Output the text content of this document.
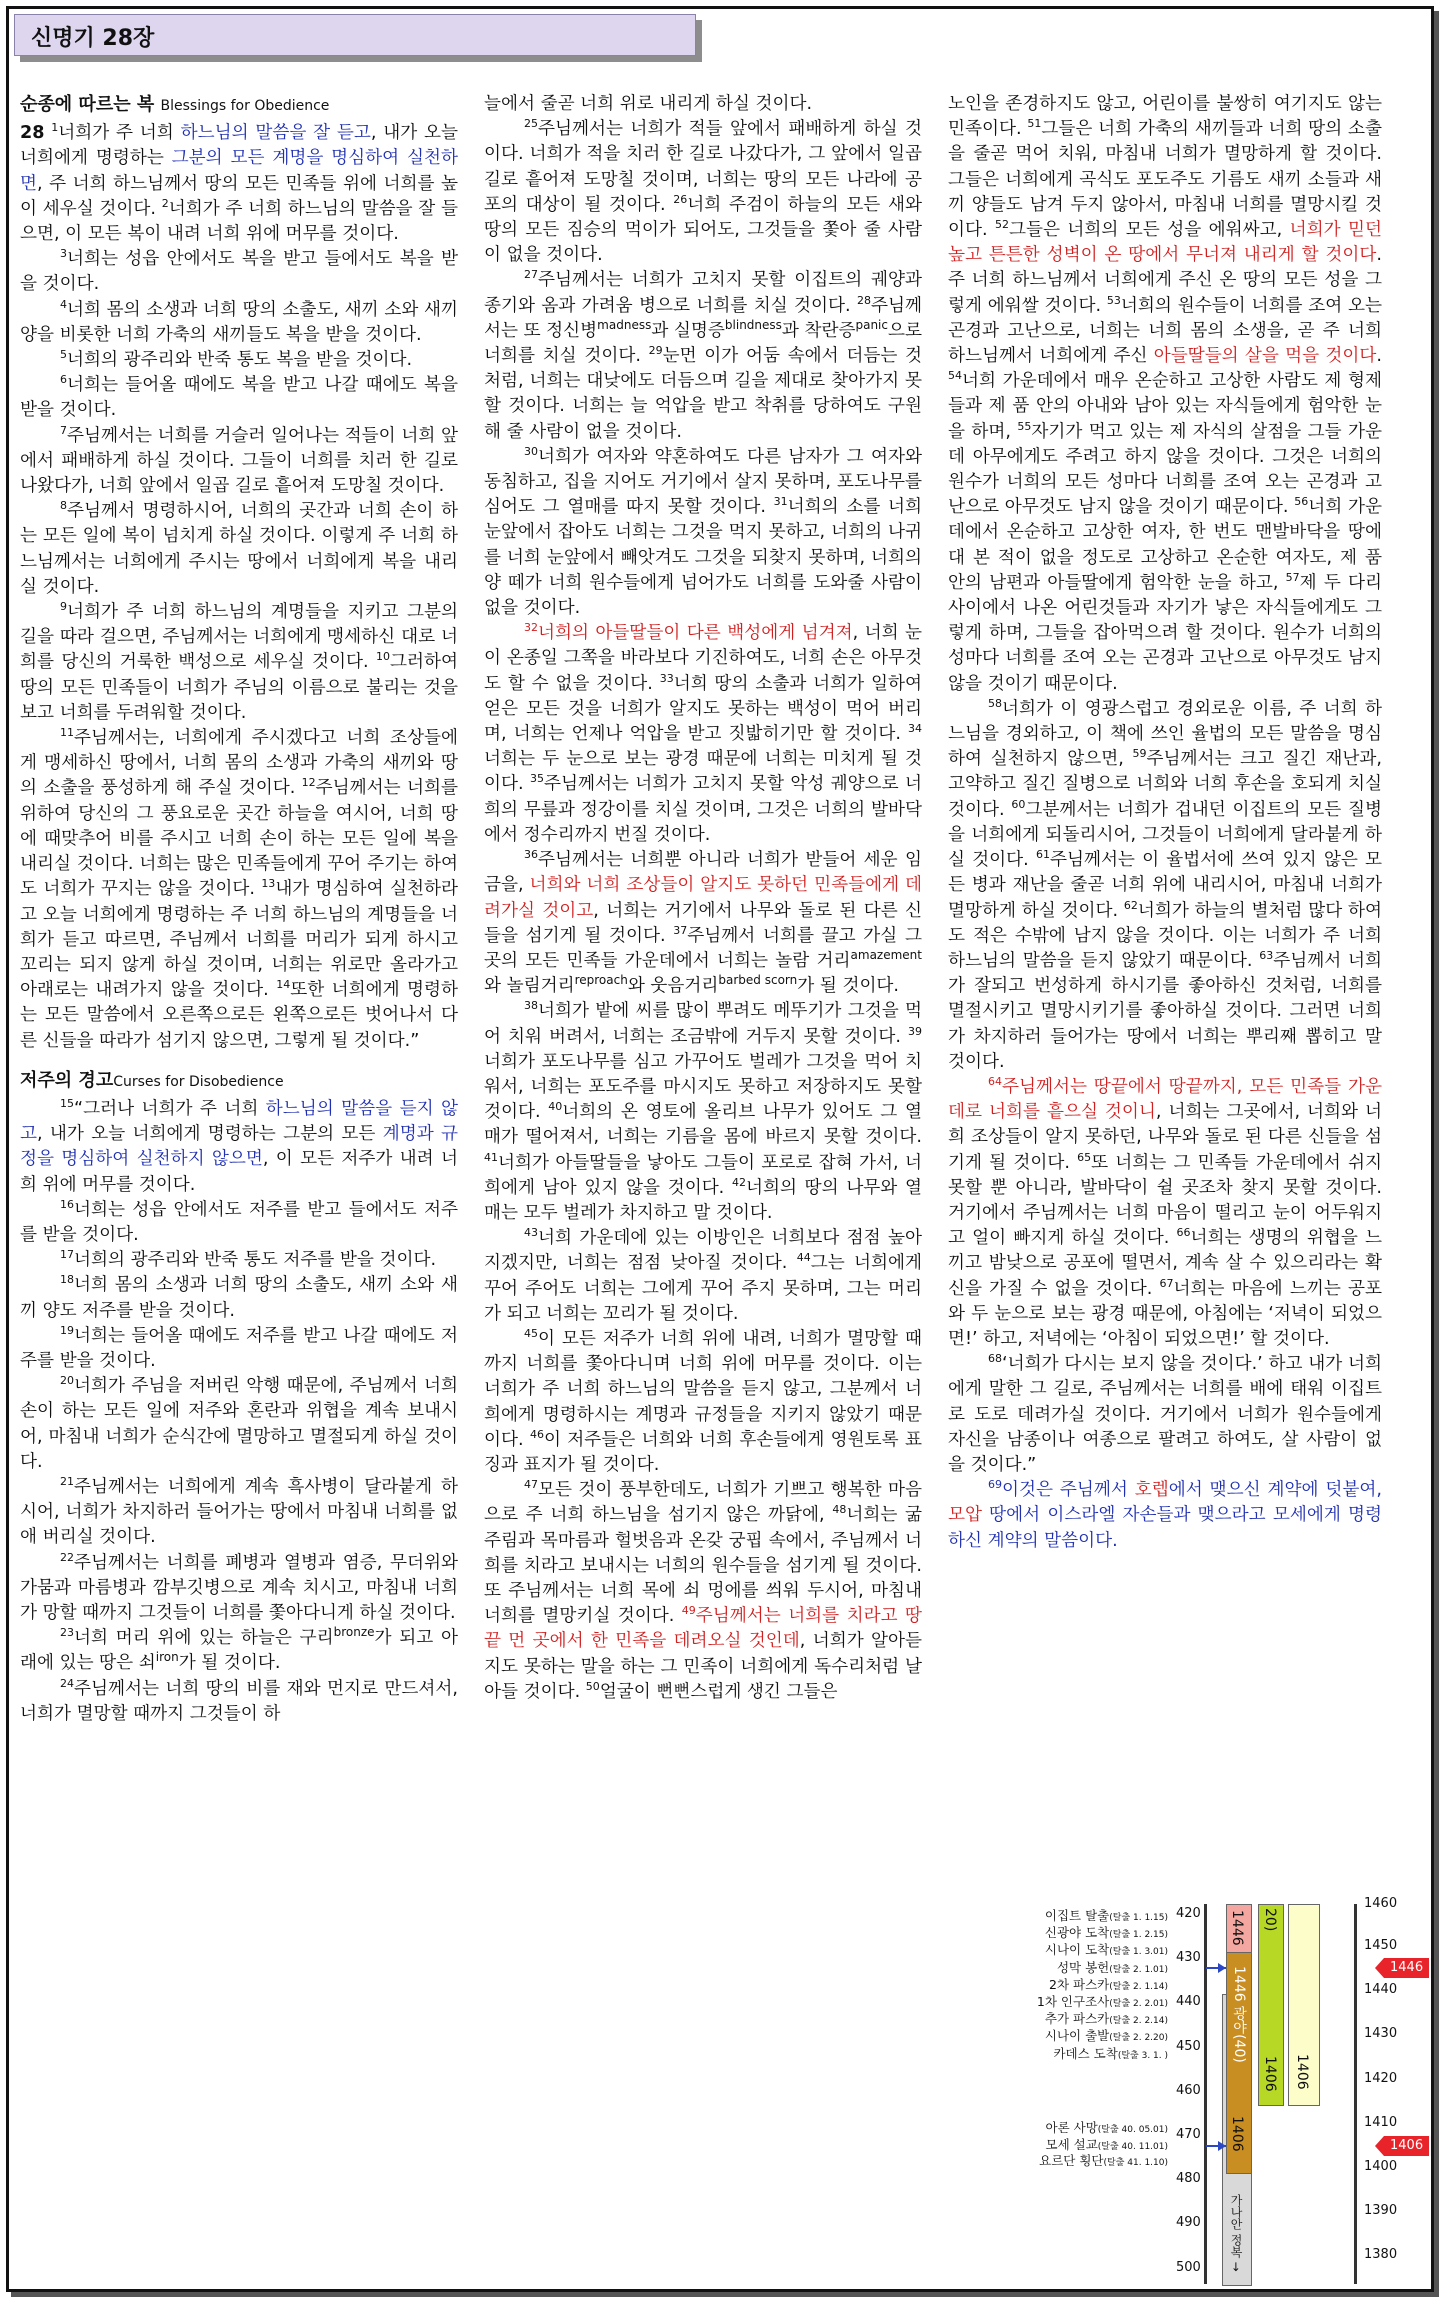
신명기 28장
순종에 따르는 복 Blessings for Obedience

28 $^1$너희가 주 너희 하느님의 말씀을 잘 듣고, 내가 오늘 너희에게 명령하는 그분의 모든 계명을 명심하여 실천하면, 주 너희 하느님께서 땅의 모든 민족들 위에 너희를 높이 세우실 것이다. $^2$너희가 주 너희 하느님의 말씀을 잘 들으면, 이 모든 복이 내려 너희 위에 머무를 것이다.

$^3$너희는 성읍 안에서도 복을 받고 들에서도 복을 받을 것이다.

$^4$너희 몸의 소생과 너희 땅의 소출도, 새끼 소와 새끼 양을 비롯한 너희 가축의 새끼들도 복을 받을 것이다.

$^5$너희의 광주리와 반죽 통도 복을 받을 것이다.

$^6$너희는 들어올 때에도 복을 받고 나갈 때에도 복을 받을 것이다.

$^7$주님께서는 너희를 거슬러 일어나는 적들이 너희 앞에서 패배하게 하실 것이다. 그들이 너희를 치러 한 길로 나왔다가, 너희 앞에서 일곱 길로 흩어져 도망칠 것이다.

$^8$주님께서 명령하시어, 너희의 곳간과 너희 손이 하는 모든 일에 복이 넘치게 하실 것이다. 이렇게 주 너희 하느님께서는 너희에게 주시는 땅에서 너희에게 복을 내리실 것이다.

$^9$너희가 주 너희 하느님의 계명들을 지키고 그분의 길을 따라 걸으면, 주님께서는 너희에게 맹세하신 대로 너희를 당신의 거룩한 백성으로 세우실 것이다. $^{10}$그러하여 땅의 모든 민족들이 너희가 주님의 이름으로 불리는 것을 보고 너희를 두려워할 것이다.

$^{11}$주님께서는, 너희에게 주시겠다고 너희 조상들에게 맹세하신 땅에서, 너희 몸의 소생과 가축의 새끼와 땅의 소출을 풍성하게 해 주실 것이다. $^{12}$주님께서는 너희를 위하여 당신의 그 풍요로운 곳간 하늘을 여시어, 너희 땅에 때맞추어 비를 주시고 너희 손이 하는 모든 일에 복을 내리실 것이다. 너희는 많은 민족들에게 꾸어 주기는 하여도 너희가 꾸지는 않을 것이다. $^{13}$내가 명심하여 실천하라고 오늘 너희에게 명령하는 주 너희 하느님의 계명들을 너희가 듣고 따르면, 주님께서 너희를 머리가 되게 하시고 꼬리는 되지 않게 하실 것이며, 너희는 위로만 올라가고 아래로는 내려가지 않을 것이다. $^{14}$또한 너희에게 명령하는 모든 말씀에서 오른쪽으로든 왼쪽으로든 벗어나서 다른 신들을 따라가 섬기지 않으면, 그렇게 될 것이다.”

저주의 경고Curses for Disobedience

$^{15}$“그러나 너희가 주 너희 하느님의 말씀을 듣지 않고, 내가 오늘 너희에게 명령하는 그분의 모든 계명과 규정을 명심하여 실천하지 않으면, 이 모든 저주가 내려 너희 위에 머무를 것이다.

$^{16}$너희는 성읍 안에서도 저주를 받고 들에서도 저주를 받을 것이다.

$^{17}$너희의 광주리와 반죽 통도 저주를 받을 것이다.

$^{18}$너희 몸의 소생과 너희 땅의 소출도, 새끼 소와 새끼 양도 저주를 받을 것이다.

$^{19}$너희는 들어올 때에도 저주를 받고 나갈 때에도 저주를 받을 것이다.

$^{20}$너희가 주님을 저버린 악행 때문에, 주님께서 너희 손이 하는 모든 일에 저주와 혼란과 위협을 계속 보내시어, 마침내 너희가 순식간에 멸망하고 멸절되게 하실 것이다.

$^{21}$주님께서는 너희에게 계속 흑사병이 달라붙게 하시어, 너희가 차지하러 들어가는 땅에서 마침내 너희를 없애 버리실 것이다.

$^{22}$주님께서는 너희를 폐병과 열병과 염증, 무더위와 가뭄과 마름병과 깜부깃병으로 계속 치시고, 마침내 너희가 망할 때까지 그것들이 너희를 쫓아다니게 하실 것이다.

$^{23}$너희 머리 위에 있는 하늘은 구리$^{bronze}$가 되고 아래에 있는 땅은 쇠$^{iron}$가 될 것이다.

$^{24}$주님께서는 너희 땅의 비를 재와 먼지로 만드셔서, 너희가 멸망할 때까지 그것들이 하

늘에서 줄곧 너희 위로 내리게 하실 것이다.

$^{25}$주님께서는 너희가 적들 앞에서 패배하게 하실 것이다. 너희가 적을 치러 한 길로 나갔다가, 그 앞에서 일곱 길로 흩어져 도망칠 것이며, 너희는 땅의 모든 나라에 공포의 대상이 될 것이다. $^{26}$너희 주검이 하늘의 모든 새와 땅의 모든 짐승의 먹이가 되어도, 그것들을 쫓아 줄 사람이 없을 것이다.

$^{27}$주님께서는 너희가 고치지 못할 이집트의 궤양과 종기와 옴과 가려움 병으로 너희를 치실 것이다. $^{28}$주님께서는 또 정신병$^{madness}$과 실명증$^{blindness}$과 착란증$^{panic}$으로 너희를 치실 것이다. $^{29}$눈먼 이가 어둠 속에서 더듬는 것처럼, 너희는 대낮에도 더듬으며 길을 제대로 찾아가지 못할 것이다. 너희는 늘 억압을 받고 착취를 당하여도 구원해 줄 사람이 없을 것이다.

$^{30}$너희가 여자와 약혼하여도 다른 남자가 그 여자와 동침하고, 집을 지어도 거기에서 살지 못하며, 포도나무를 심어도 그 열매를 따지 못할 것이다. $^{31}$너희의 소를 너희 눈앞에서 잡아도 너희는 그것을 먹지 못하고, 너희의 나귀를 너희 눈앞에서 빼앗겨도 그것을 되찾지 못하며, 너희의 양 떼가 너희 원수들에게 넘어가도 너희를 도와줄 사람이 없을 것이다.

$^{32}$너희의 아들딸들이 다른 백성에게 넘겨져, 너희 눈이 온종일 그쪽을 바라보다 기진하여도, 너희 손은 아무것도 할 수 없을 것이다. $^{33}$너희 땅의 소출과 너희가 일하여 얻은 모든 것을 너희가 알지도 못하는 백성이 먹어 버리며, 너희는 언제나 억압을 받고 짓밟히기만 할 것이다. $^{34}$너희는 두 눈으로 보는 광경 때문에 너희는 미치게 될 것이다. $^{35}$주님께서는 너희가 고치지 못할 악성 궤양으로 너희의 무릎과 정강이를 치실 것이며, 그것은 너희의 발바닥에서 정수리까지 번질 것이다.

$^{36}$주님께서는 너희뿐 아니라 너희가 받들어 세운 임금을, 너희와 너희 조상들이 알지도 못하던 민족들에게 데려가실 것이고, 너희는 거기에서 나무와 돌로 된 다른 신들을 섬기게 될 것이다. $^{37}$주님께서 너희를 끌고 가실 그곳의 모든 민족들 가운데에서 너희는 놀람 거리$^{amazement}$와 놀림거리$^{reproach}$와 웃음거리$^{barbed scorn}$가 될 것이다.

$^{38}$너희가 밭에 씨를 많이 뿌려도 메뚜기가 그것을 먹어 치워 버려서, 너희는 조금밖에 거두지 못할 것이다. $^{39}$너희가 포도나무를 심고 가꾸어도 벌레가 그것을 먹어 치워서, 너희는 포도주를 마시지도 못하고 저장하지도 못할 것이다. $^{40}$너희의 온 영토에 올리브 나무가 있어도 그 열매가 떨어져서, 너희는 기름을 몸에 바르지 못할 것이다. $^{41}$너희가 아들딸들을 낳아도 그들이 포로로 잡혀 가서, 너희에게 남아 있지 않을 것이다. $^{42}$너희의 땅의 나무와 열매는 모두 벌레가 차지하고 말 것이다.

$^{43}$너희 가운데에 있는 이방인은 너희보다 점점 높아지겠지만, 너희는 점점 낮아질 것이다. $^{44}$그는 너희에게 꾸어 주어도 너희는 그에게 꾸어 주지 못하며, 그는 머리가 되고 너희는 꼬리가 될 것이다.

$^{45}$이 모든 저주가 너희 위에 내려, 너희가 멸망할 때까지 너희를 쫓아다니며 너희 위에 머무를 것이다. 이는 너희가 주 너희 하느님의 말씀을 듣지 않고, 그분께서 너희에게 명령하시는 계명과 규정들을 지키지 않았기 때문이다. $^{46}$이 저주들은 너희와 너희 후손들에게 영원토록 표징과 표지가 될 것이다.

$^{47}$모든 것이 풍부한데도, 너희가 기쁘고 행복한 마음으로 주 너희 하느님을 섬기지 않은 까닭에, $^{48}$너희는 굶주림과 목마름과 헐벗음과 온갖 궁핍 속에서, 주님께서 너희를 치라고 보내시는 너희의 원수들을 섬기게 될 것이다. 또 주님께서는 너희 목에 쇠 멍에를 씌워 두시어, 마침내 너희를 멸망키실 것이다. $^{49}$주님께서는 너희를 치라고 땅끝 먼 곳에서 한 민족을 데려오실 것인데, 너희가 알아듣지도 못하는 말을 하는 그 민족이 너희에게 독수리처럼 날아들 것이다. $^{50}$얼굴이 뻔뻔스럽게 생긴 그들은

노인을 존경하지도 않고, 어린이를 불쌍히 여기지도 않는 민족이다. $^{51}$그들은 너희 가축의 새끼들과 너희 땅의 소출을 줄곧 먹어 치워, 마침내 너희가 멸망하게 할 것이다. 그들은 너희에게 곡식도 포도주도 기름도 새끼 소들과 새끼 양들도 남겨 두지 않아서, 마침내 너희를 멸망시킬 것이다. $^{52}$그들은 너희의 모든 성을 에워싸고, 너희가 믿던 높고 튼튼한 성벽이 온 땅에서 무너져 내리게 할 것이다. 주 너희 하느님께서 너희에게 주신 온 땅의 모든 성을 그렇게 에워쌀 것이다. $^{53}$너희의 원수들이 너희를 조여 오는 곤경과 고난으로, 너희는 너희 몸의 소생을, 곧 주 너희 하느님께서 너희에게 주신 아들딸들의 살을 먹을 것이다. $^{54}$너희 가운데에서 매우 온순하고 고상한 사람도 제 형제들과 제 품 안의 아내와 남아 있는 자식들에게 험악한 눈을 하며, $^{55}$자기가 먹고 있는 제 자식의 살점을 그들 가운데 아무에게도 주려고 하지 않을 것이다. 그것은 너희의 원수가 너희의 모든 성마다 너희를 조여 오는 곤경과 고난으로 아무것도 남지 않을 것이기 때문이다. $^{56}$너희 가운데에서 온순하고 고상한 여자, 한 번도 맨발바닥을 땅에 대 본 적이 없을 정도로 고상하고 온순한 여자도, 제 품 안의 남편과 아들딸에게 험악한 눈을 하고, $^{57}$제 두 다리 사이에서 나온 어린것들과 자기가 낳은 자식들에게도 그렇게 하며, 그들을 잡아먹으려 할 것이다. 원수가 너희의 성마다 너희를 조여 오는 곤경과 고난으로 아무것도 남지 않을 것이기 때문이다.

$^{58}$너희가 이 영광스럽고 경외로운 이름, 주 너희 하느님을 경외하고, 이 책에 쓰인 율법의 모든 말씀을 명심하여 실천하지 않으면, $^{59}$주님께서는 크고 질긴 재난과, 고약하고 질긴 질병으로 너희와 너희 후손을 호되게 치실 것이다. $^{60}$그분께서는 너희가 겁내던 이집트의 모든 질병을 너희에게 되돌리시어, 그것들이 너희에게 달라붙게 하실 것이다. $^{61}$주님께서는 이 율법서에 쓰여 있지 않은 모든 병과 재난을 줄곧 너희 위에 내리시어, 마침내 너희가 멸망하게 하실 것이다. $^{62}$너희가 하늘의 별처럼 많다 하여도 적은 수밖에 남지 않을 것이다. 이는 너희가 주 너희 하느님의 말씀을 듣지 않았기 때문이다. $^{63}$주님께서 너희가 잘되고 번성하게 하시기를 좋아하신 것처럼, 너희를 멸절시키고 멸망시키기를 좋아하실 것이다. 그러면 너희가 차지하러 들어가는 땅에서 너희는 뿌리째 뽑히고 말 것이다.

$^{64}$주님께서는 땅끝에서 땅끝까지, 모든 민족들 가운데로 너희를 흩으실 것이니, 너희는 그곳에서, 너희와 너희 조상들이 알지 못하던, 나무와 돌로 된 다른 신들을 섬기게 될 것이다. $^{65}$또 너희는 그 민족들 가운데에서 쉬지 못할 뿐 아니라, 발바닥이 쉴 곳조차 찾지 못할 것이다. 거기에서 주님께서는 너희 마음이 떨리고 눈이 어두워지고 얼이 빠지게 하실 것이다. $^{66}$너희는 생명의 위협을 느끼고 밤낮으로 공포에 떨면서, 계속 살 수 있으리라는 확신을 가질 수 없을 것이다. $^{67}$너희는 마음에 느끼는 공포와 두 눈으로 보는 광경 때문에, 아침에는 ‘저녁이 되었으면!’ 하고, 저녁에는 ‘아침이 되었으면!’ 할 것이다.

$^{68}$‘너희가 다시는 보지 않을 것이다.’ 하고 내가 너희에게 말한 그 길로, 주님께서는 너희를 배에 태워 이집트로 도로 데려가실 것이다. 거기에서 너희가 원수들에게 자신을 남종이나 여종으로 팔려고 하여도, 살 사람이 없을 것이다.”

$^{69}$이것은 주님께서 호렙에서 맺으신 계약에 덧붙여, 모압 땅에서 이스라엘 자손들과 맺으라고 모세에게 명령하신 계약의 말씀이다.

이집트 탈출(탈출 1. 1.15)
신광야 도착(탈출 1. 2.15)
시나이 도착(탈출 1. 3.01)
성막 봉헌(탈출 2. 1.01)
2차 파스카(탈출 2. 1.14)
1차 인구조사(탈출 2. 2.01)
추가 파스카(탈출 2. 2.14)
시나이 출발(탈출 2. 2.20)
카데스 도착(탈출 3. 1. )
아론 사망(탈출 40. 05.01)
모세 설교(탈출 40. 11.01)
요르단 횡단(탈출 41. 1.10)
420
430
440
450
460
470
480
490
500
1446
1446 광야(40)
1406
가나안 정복 →
20)
1406 1406
1460
1450
1440
1430
1420
1410
1400
1390
1380
1446
1406
